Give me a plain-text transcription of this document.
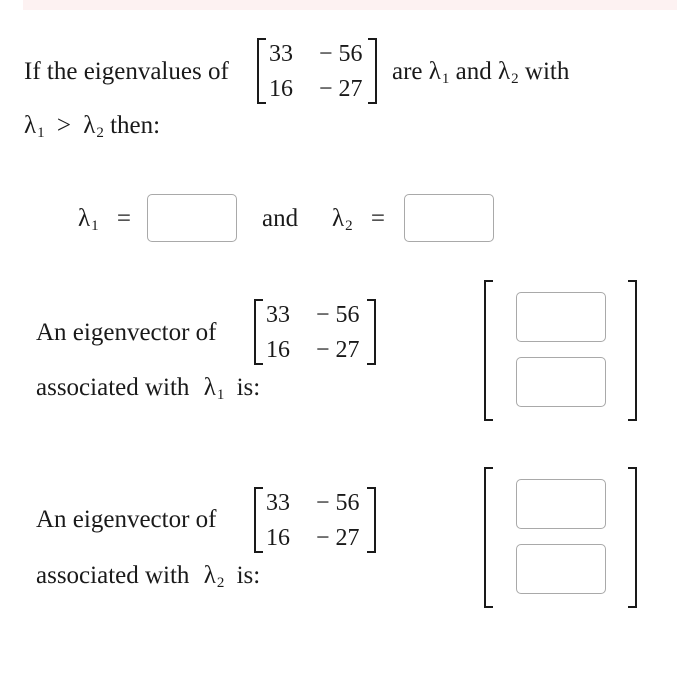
If the eigenvalues of
33 − 56
16 − 27
are $\lambda_1$ and $\lambda_2$ with
$\lambda_1 > \lambda_2$ then:
$\lambda_1$ =	and $\lambda_2$ =
An eigenvector of
33 − 56
16 − 27
associated with $\lambda_1$ is:
An eigenvector of
33 − 56
16 − 27
associated with $\lambda_2$ is:
